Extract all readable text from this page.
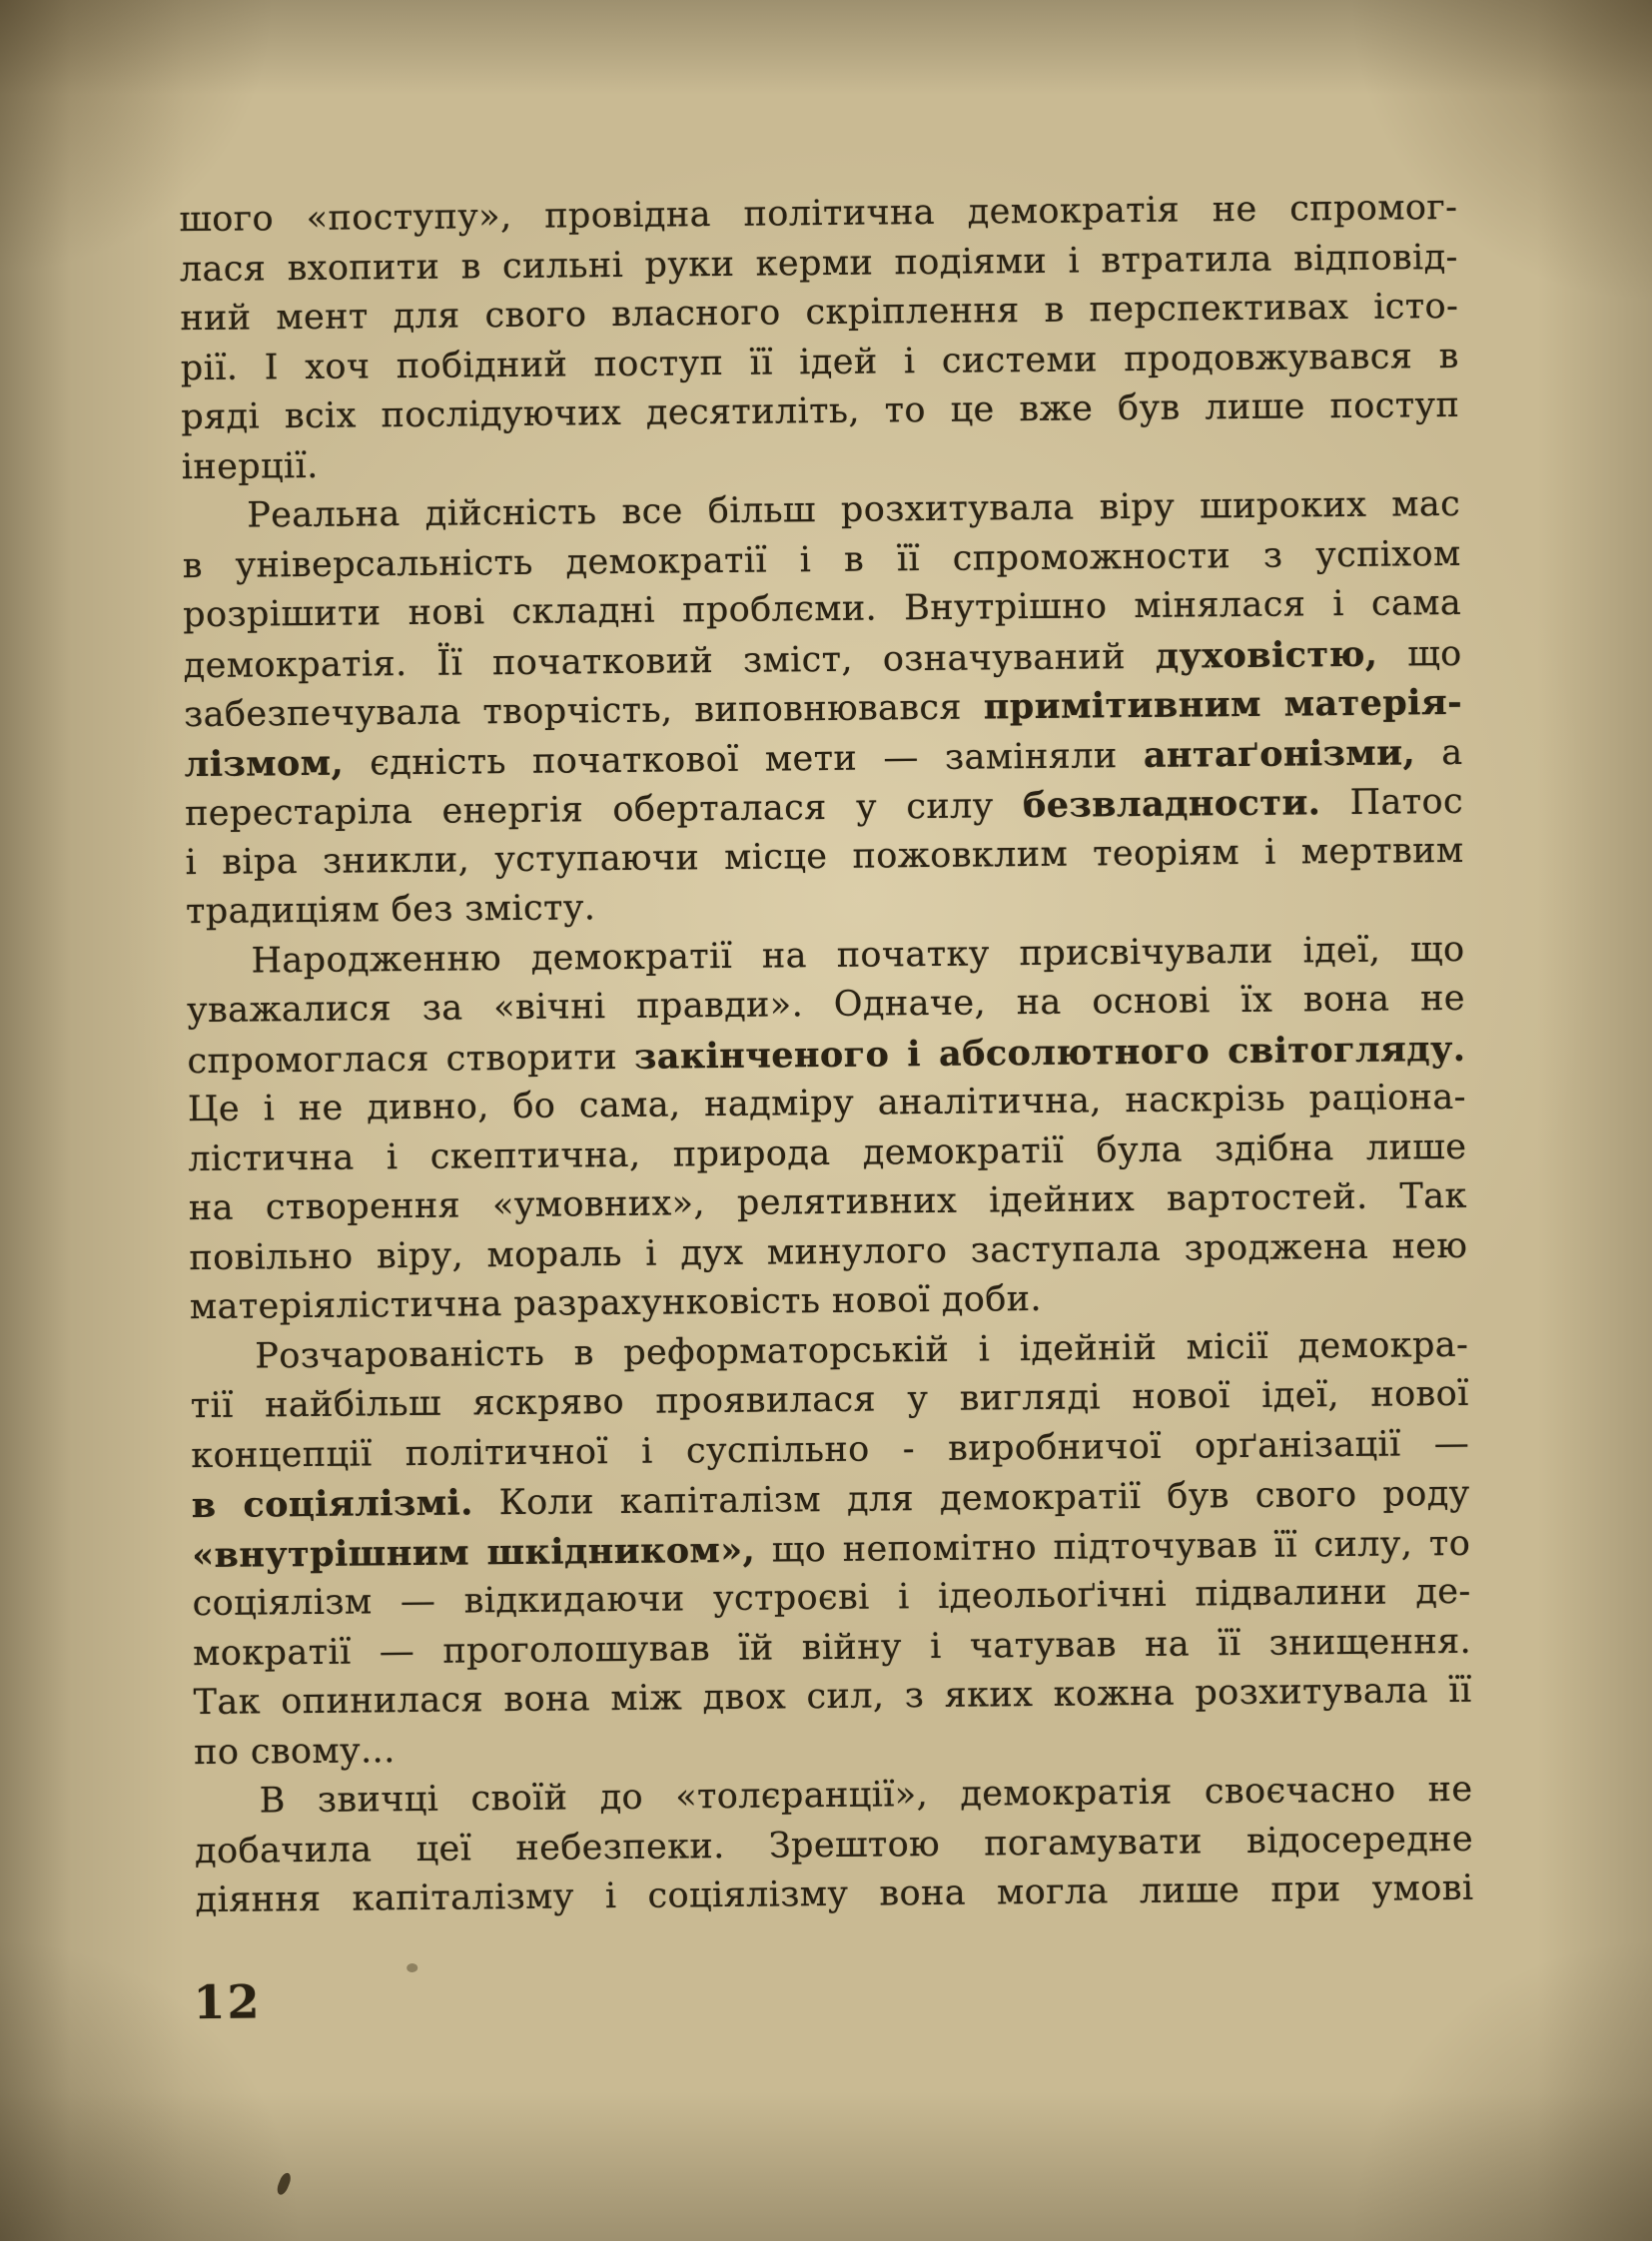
шого «поступу», провідна політична демократія не спромог-
лася вхопити в сильні руки керми подіями і втратила відповід-
ний мент для свого власного скріплення в перспективах істо-
рії. І хоч побідний поступ її ідей і системи продовжувався в
ряді всіх послідуючих десятиліть, то це вже був лише поступ
інерції.
Реальна дійсність все більш розхитувала віру широких мас
в універсальність демократії і в її спроможности з успіхом
розрішити нові складні проблєми. Внутрішно мінялася і сама
демократія. Її початковий зміст, означуваний духовістю, що
забезпечувала творчість, виповнювався примітивним матерія-
лізмом, єдність початкової мети — заміняли антаґонізми, а
перестаріла енергія оберталася у силу безвладности. Патос
і віра зникли, уступаючи місце пожовклим теоріям і мертвим
традиціям без змісту.
Народженню демократії на початку присвічували ідеї, що
уважалися за «вічні правди». Одначе, на основі їх вона не
спромоглася створити закінченого і абсолютного світогляду.
Це і не дивно, бо сама, надміру аналітична, наскрізь раціона-
лістична і скептична, природа демократії була здібна лише
на створення «умовних», релятивних ідейних вартостей. Так
повільно віру, мораль і дух минулого заступала зроджена нею
матеріялістична разрахунковість нової доби.
Розчарованість в реформаторській і ідейній місії демокра-
тії найбільш яскряво проявилася у вигляді нової ідеї, нової
концепції політичної і суспільно - виробничої орґанізації —
в соціялізмі. Коли капіталізм для демократії був свого роду
«внутрішним шкідником», що непомітно підточував її силу, то
соціялізм — відкидаючи устроєві і ідеольоґічні підвалини де-
мократії — проголошував їй війну і чатував на її знищення.
Так опинилася вона між двох сил, з яких кожна розхитувала її
по свому...
В звичці своїй до «толєранції», демократія своєчасно не
добачила цеї небезпеки. Зрештою погамувати відосередне
діяння капіталізму і соціялізму вона могла лише при умові
12
